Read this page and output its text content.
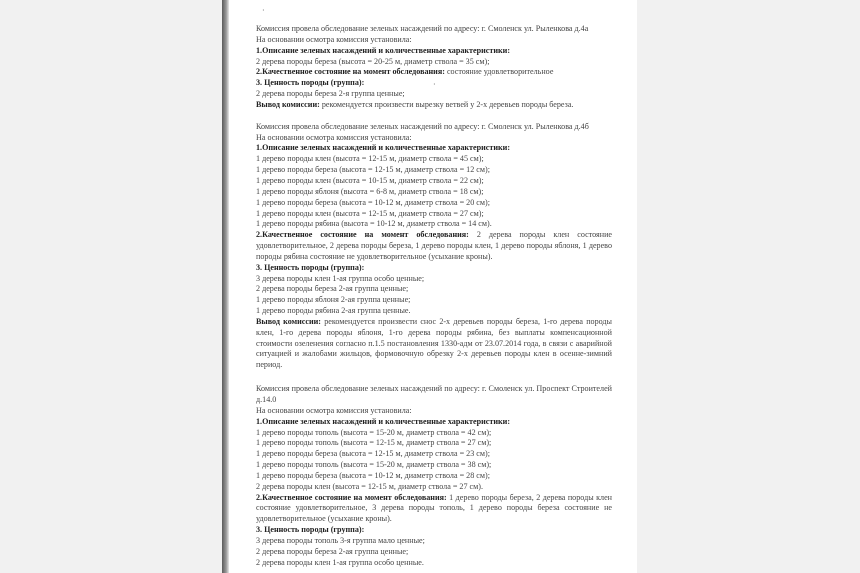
·
·

Комиссия провела обследование зеленых насаждений по адресу: г. Смоленск ул. Рыленкова д.4а

На основании осмотра комиссия установила:

1.Описание зеленых насаждений и количественные характеристики:

2 дерева породы береза (высота = 20-25 м, диаметр ствола = 35 см);

2.Качественное состояние на момент обследования: состояние удовлетворительное

3. Ценность породы (группа):

2 дерева породы береза 2-я группа ценные;

Вывод комиссии: рекомендуется произвести вырезку ветвей у 2-х деревьев породы береза.

Комиссия провела обследование зеленых насаждений по адресу: г. Смоленск ул. Рыленкова д.4б

На основании осмотра комиссия установила:

1.Описание зеленых насаждений и количественные характеристики:

1 дерево породы клен (высота = 12-15 м, диаметр ствола = 45 см);

1 дерево породы береза (высота = 12-15 м, диаметр ствола = 12 см);

1 дерево породы клен (высота = 10-15 м, диаметр ствола = 22 см);

1 дерево породы яблоня (высота = 6-8 м, диаметр ствола = 18 см);

1 дерево породы береза (высота = 10-12 м, диаметр ствола = 20 см);

1 дерево породы клен (высота = 12-15 м, диаметр ствола = 27 см);

1 дерево породы рябина (высота = 10-12 м, диаметр ствола = 14 см).

2.Качественное состояние на момент обследования: 2 дерева породы клен состояние удовлетворительное, 2 дерева породы береза, 1 дерево породы клен, 1 дерево породы яблоня, 1 дерево породы рябина состояние не удовлетворительное (усыхание кроны).

3. Ценность породы (группа):

3 дерева породы клен 1-ая группа особо ценные;

2 дерева породы береза 2-ая группа ценные;

1 дерево породы яблоня 2-ая группа ценные;

1 дерево породы рябина 2-ая группа ценные.

Вывод комиссии: рекомендуется произвести снос 2-х деревьев породы береза, 1-го дерева породы клен, 1-го дерева породы яблоня, 1-го дерева породы рябина, без выплаты компенсационной стоимости озеленения согласно п.1.5 постановления 1330-адм от 23.07.2014 года, в связи с аварийной ситуацией и жалобами жильцов, формовочную обрезку 2-х деревьев породы клен в осенне-зимний период.

Комиссия провела обследование зеленых насаждений по адресу: г. Смоленск ул. Проспект Строителей д.14.0

На основании осмотра комиссия установила:

1.Описание зеленых насаждений и количественные характеристики:

1 дерево породы тополь (высота = 15-20 м, диаметр ствола = 42 см);

1 дерево породы тополь (высота = 12-15 м, диаметр ствола = 27 см);

1 дерево породы береза (высота = 12-15 м, диаметр ствола = 23 см);

1 дерево породы тополь (высота = 15-20 м, диаметр ствола = 38 см);

1 дерево породы береза (высота = 10-12 м, диаметр ствола = 28 см);

2 дерева породы клен (высота = 12-15 м, диаметр ствола = 27 см).

2.Качественное состояние на момент обследования: 1 дерево породы береза, 2 дерева породы клен состояние удовлетворительное, 3 дерева породы тополь, 1 дерево породы береза состояние не удовлетворительное (усыхание кроны).

3. Ценность породы (группа):

3 дерева породы тополь 3-я группа мало ценные;

2 дерева породы береза 2-ая группа ценные;

2 дерева породы клен 1-ая группа особо ценные.
